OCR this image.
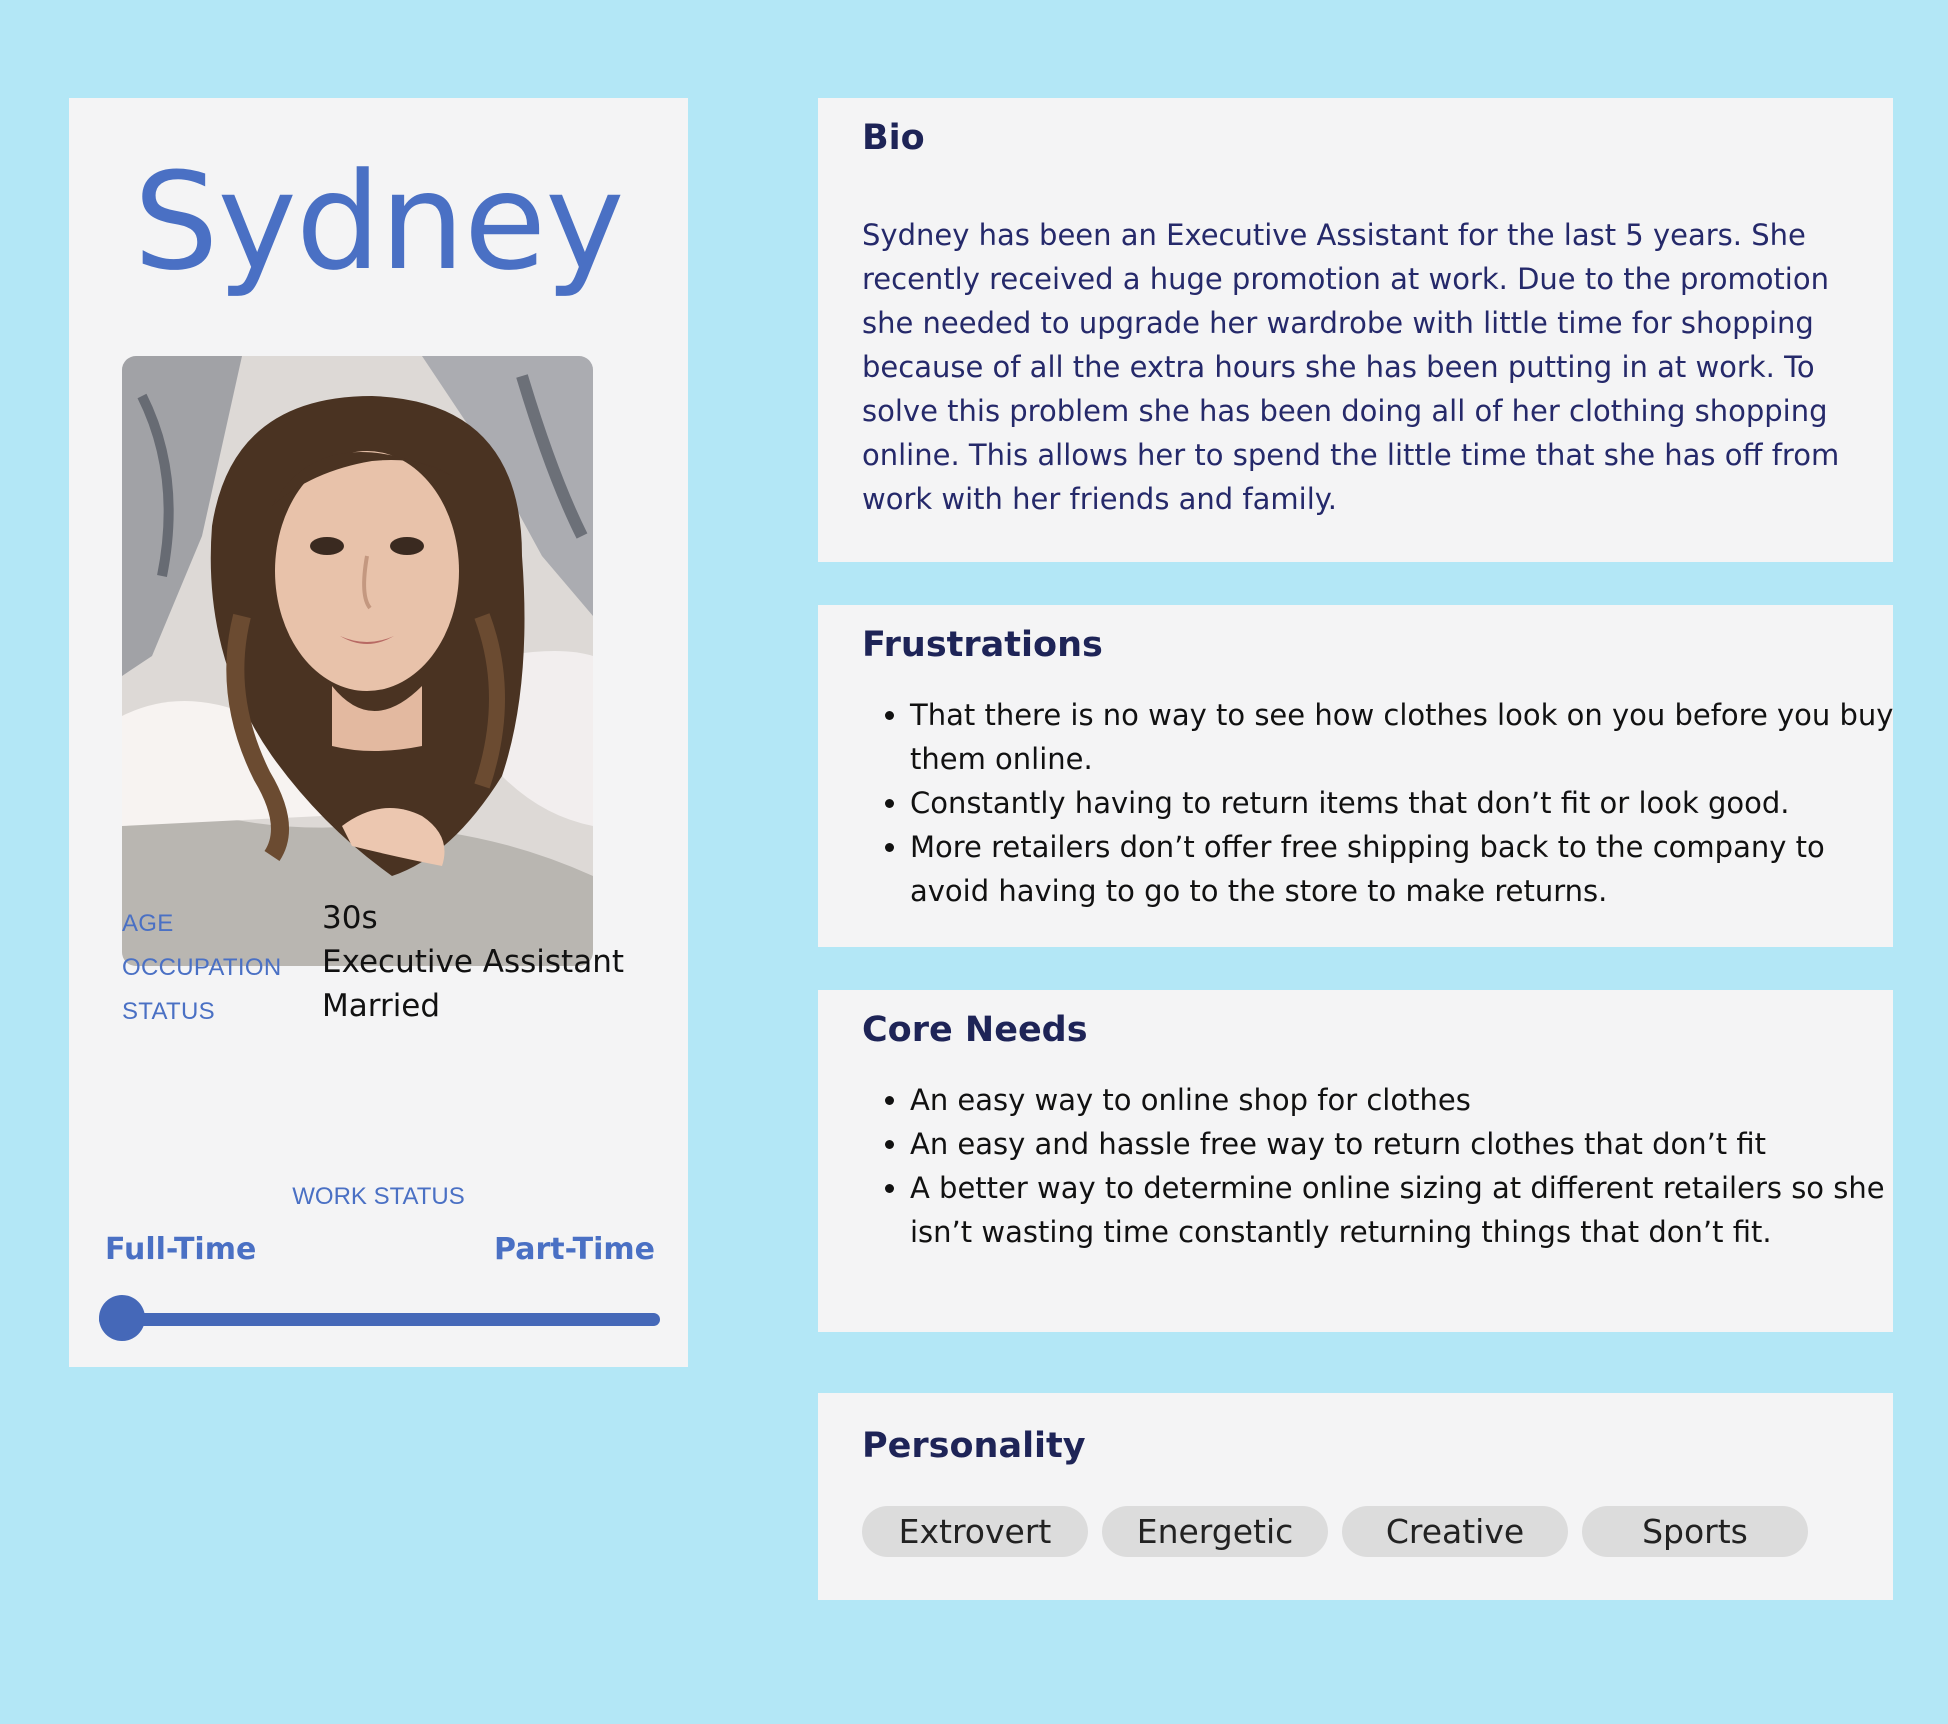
Sydney
AGE	30s
OCCUPATION Executive Assistant
STATUS	Married
WORK STATUS
Full-Time	Part-Time
Bio
Sydney has been an Executive Assistant for the last 5 years. She recently received a huge promotion at work. Due to the promotion she needed to upgrade her wardrobe with little time for shopping because of all the extra hours she has been putting in at work. To solve this problem she has been doing all of her clothing shopping online. This allows her to spend the little time that she has off from work with her friends and family.
Frustrations
• That there is no way to see how clothes look on you before you buy them online.
• Constantly having to return items that don’t fit or look good.
• More retailers don’t offer free shipping back to the company to avoid having to go to the store to make returns.
Core Needs
• An easy way to online shop for clothes
• An easy and hassle free way to return clothes that don’t fit
• A better way to determine online sizing at different retailers so she isn’t wasting time constantly returning things that don’t fit.
Personality
Extrovert	Energetic	Creative	Sports
